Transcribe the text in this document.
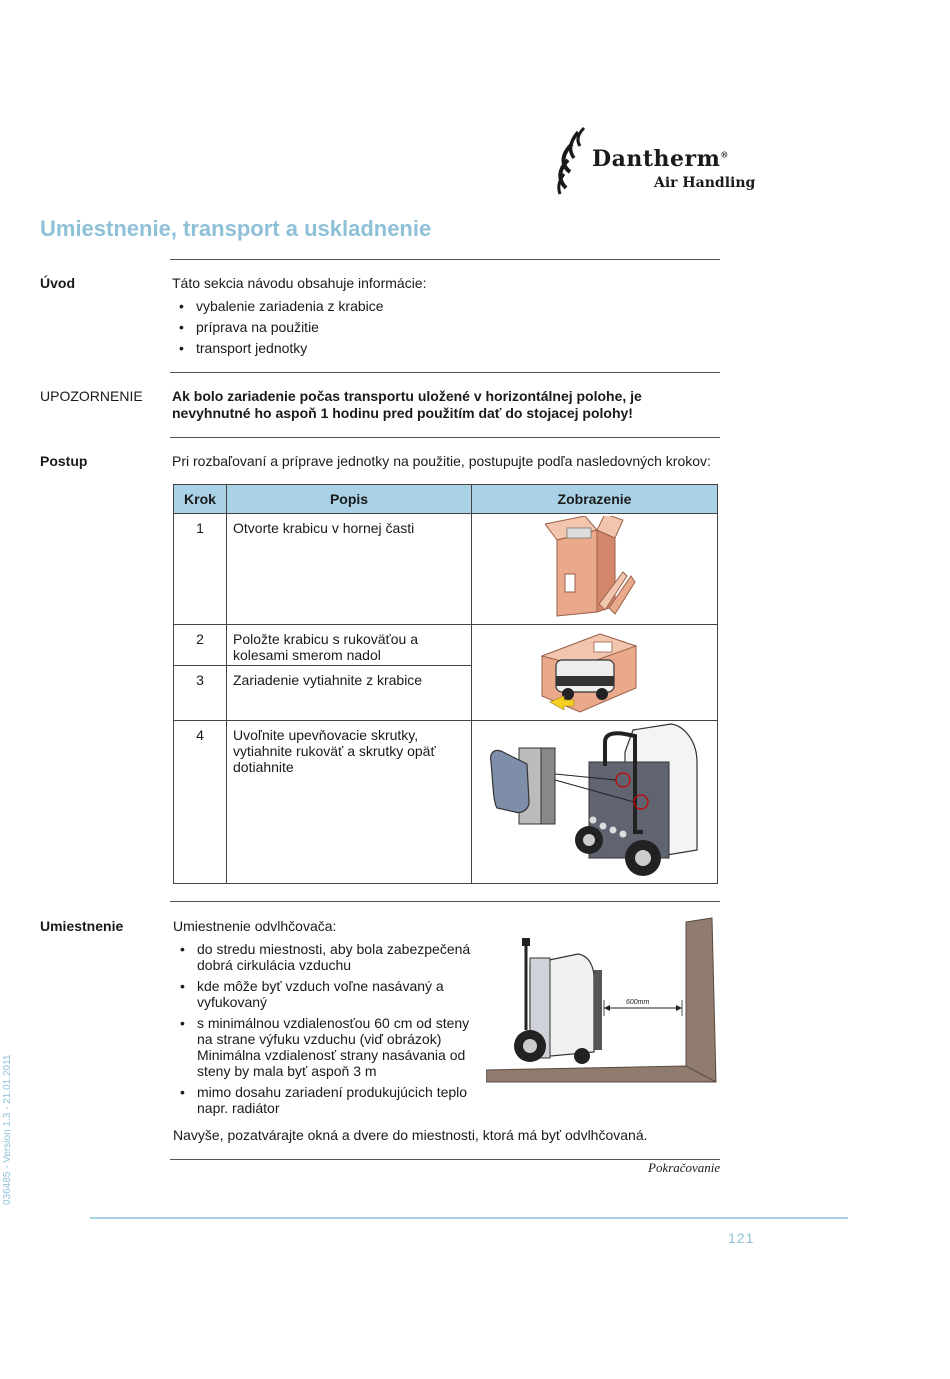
Dantherm®
Air Handling
Umiestnenie, transport a uskladnenie
Úvod	Táto sekcia návodu obsahuje informácie:
• vybalenie zariadenia z krabice
• príprava na použitie
• transport jednotky
UPOZORNENIE Ak bolo zariadenie počas transportu uložené v horizontálnej polohe, je nevyhnutné ho aspoň 1 hodinu pred použitím dať do stojacej polohy!
Postup	Pri rozbaľovaní a príprave jednotky na použitie, postupujte podľa nasledovných krokov:
Krok	Popis	Zobrazenie
1	Otvorte krabicu v hornej časti	
2	Položte krabicu s rukoväťou a kolesami smerom nadol	
3	Zariadenie vytiahnite z krabice	
4	Uvoľnite upevňovacie skrutky, vytiahnite rukoväť a skrutky opäť dotiahnite	
Umiestnenie	Umiestnenie odvlhčovača:
• do stredu miestnosti, aby bola zabezpečená dobrá cirkulácia vzduchu
• kde môže byť vzduch voľne nasávaný a vyfukovaný
• s minimálnou vzdialenosťou 60 cm od steny na strane výfuku vzduchu (viď obrázok) Minimálna vzdialenosť strany nasávania od steny by mala byť aspoň 3 m
• mimo dosahu zariadení produkujúcich teplo napr. radiátor
600mm
Navyše, pozatvárajte okná a dvere do miestnosti, ktorá má byť odvlhčovaná.
Pokračovanie
121
036485 - Version 1.3 - 21.01.2011
